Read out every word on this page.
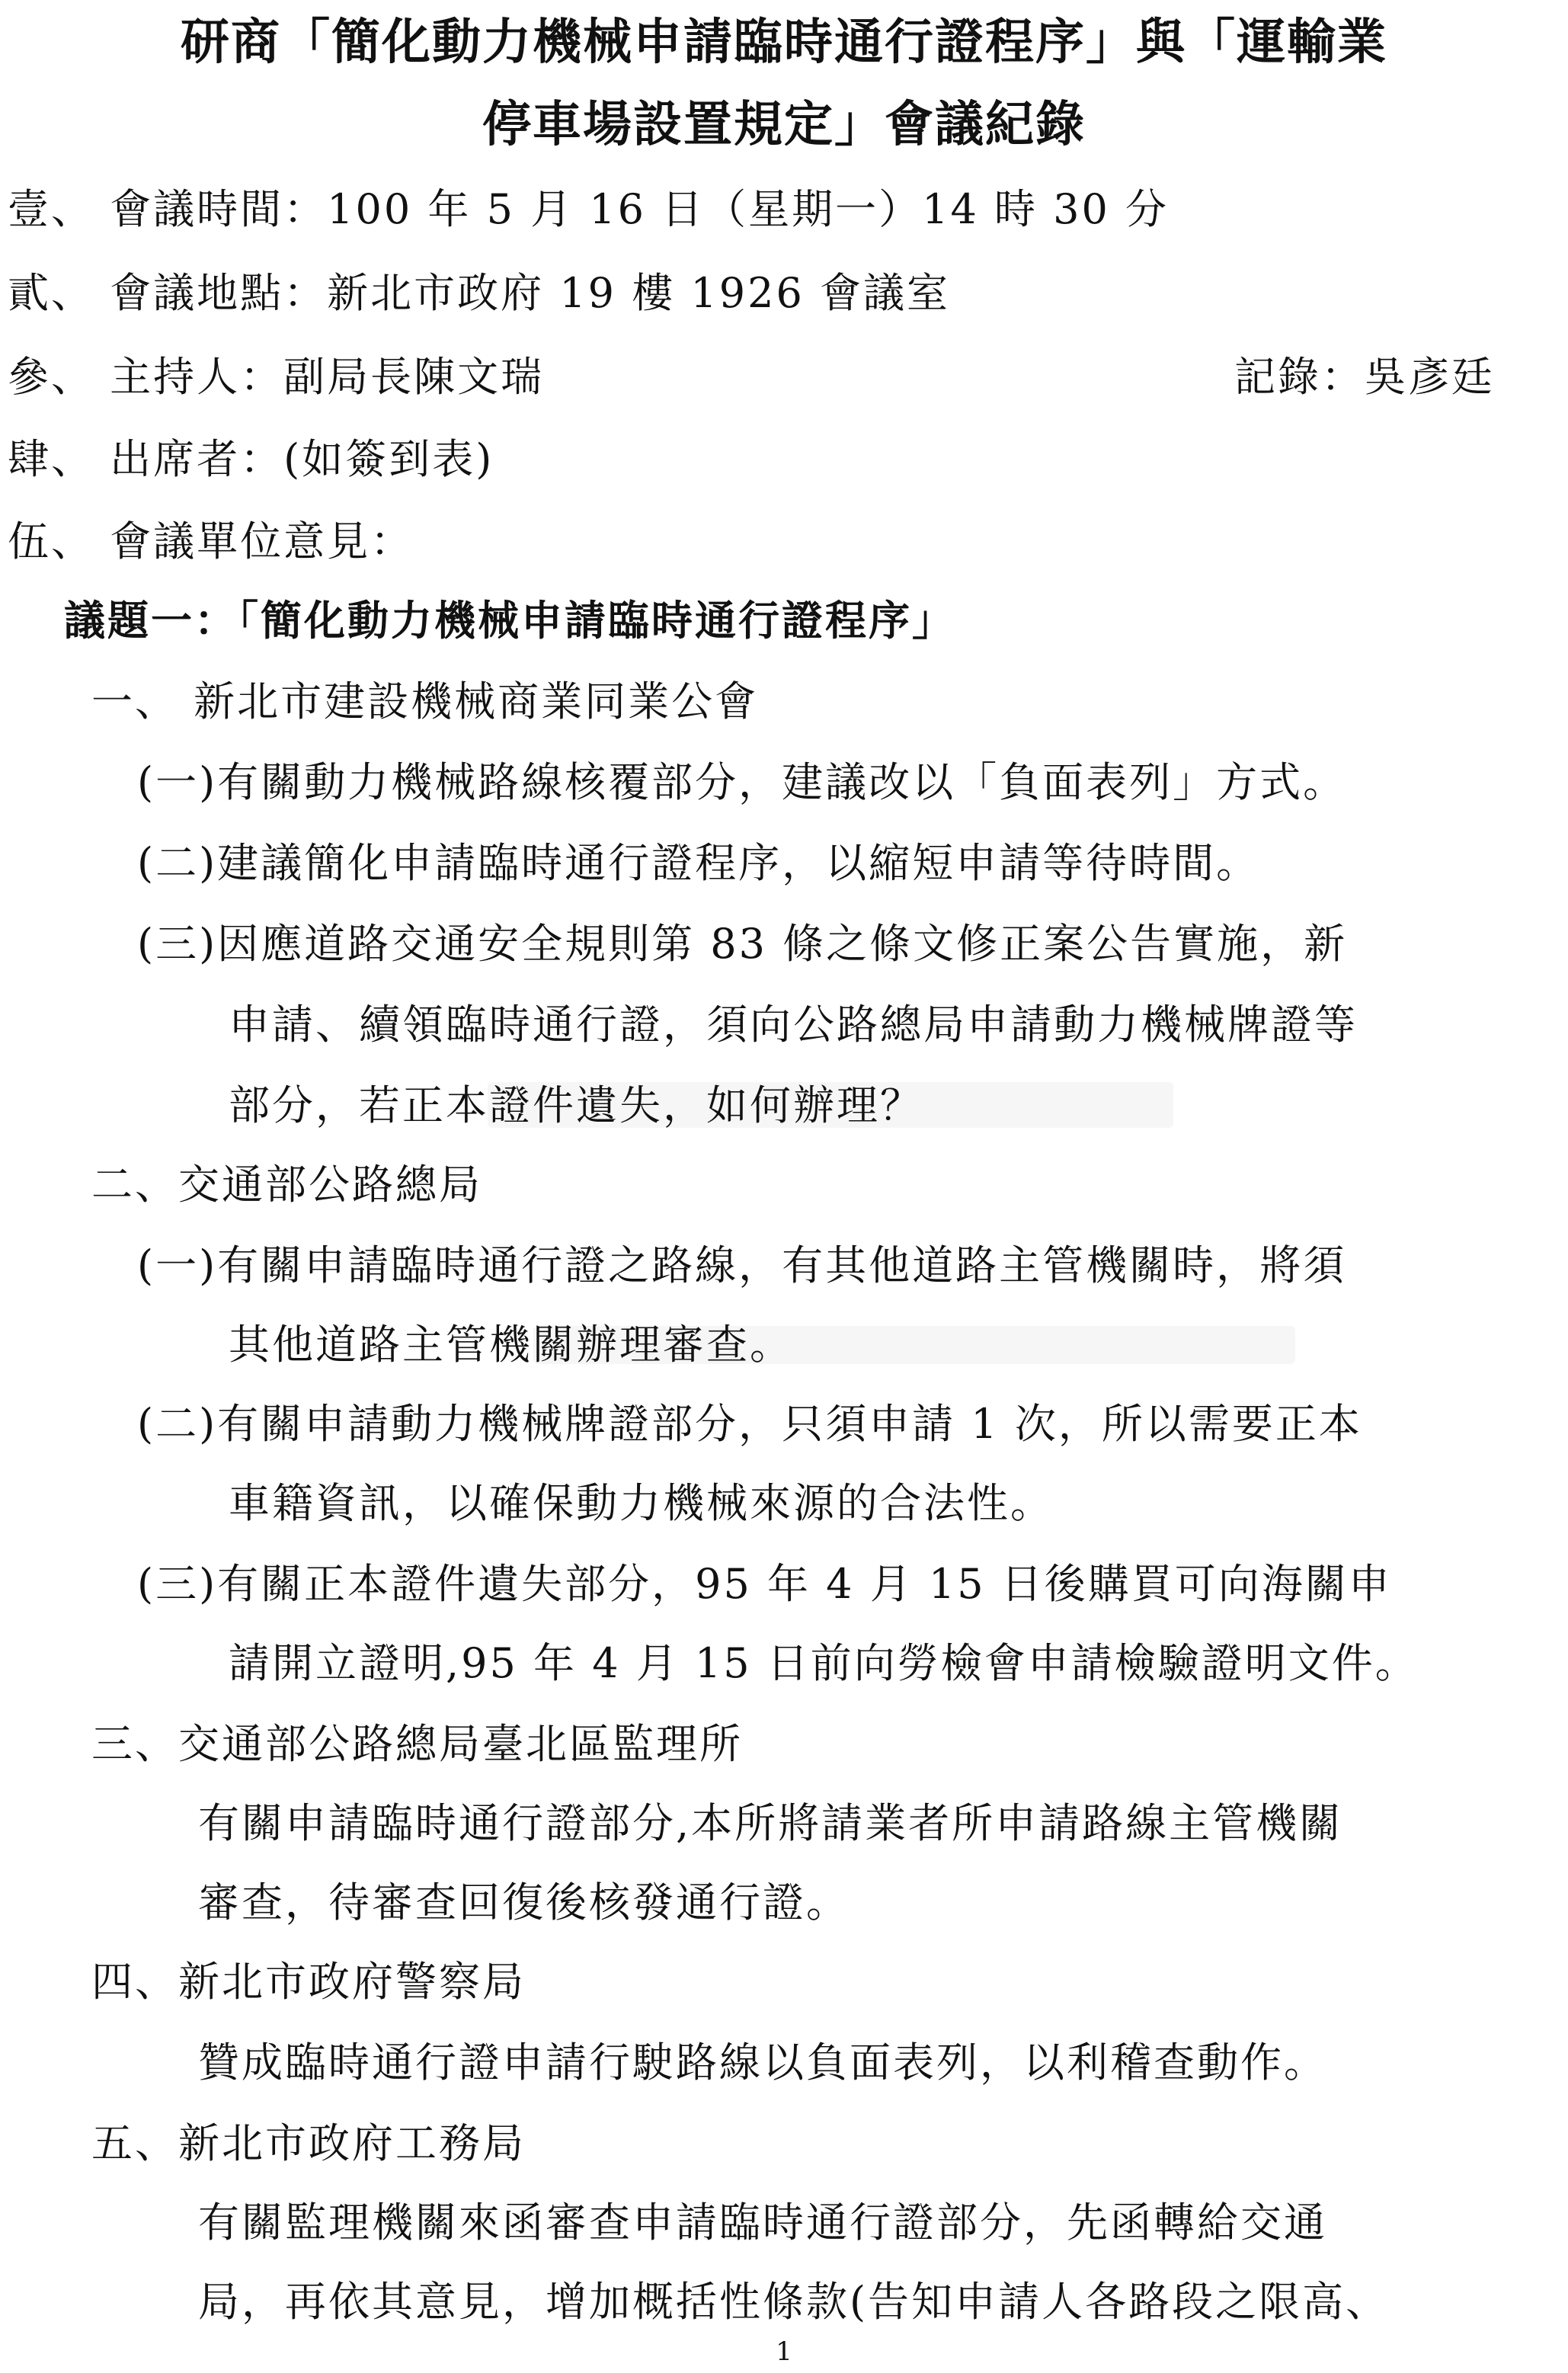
研商「簡化動力機械申請臨時通行證程序」與「運輸業
停車場設置規定」會議紀錄
壹、 會議時間：100 年 5 月 16 日（星期一）14 時 30 分
貳、 會議地點：新北市政府 19 樓 1926 會議室
參、 主持人：副局長陳文瑞	記錄：吳彥廷
肆、 出席者：(如簽到表)
伍、 會議單位意見：
議題一：「簡化動力機械申請臨時通行證程序」
一、 新北市建設機械商業同業公會
(一)有關動力機械路線核覆部分，建議改以「負面表列」方式。
(二)建議簡化申請臨時通行證程序，以縮短申請等待時間。
(三)因應道路交通安全規則第 83 條之條文修正案公告實施，新
申請、續領臨時通行證，須向公路總局申請動力機械牌證等
部分，若正本證件遺失，如何辦理？
二、交通部公路總局
(一)有關申請臨時通行證之路線，有其他道路主管機關時，將須
其他道路主管機關辦理審查。
(二)有關申請動力機械牌證部分，只須申請 1 次，所以需要正本
車籍資訊，以確保動力機械來源的合法性。
(三)有關正本證件遺失部分，95 年 4 月 15 日後購買可向海關申
請開立證明,95 年 4 月 15 日前向勞檢會申請檢驗證明文件。
三、交通部公路總局臺北區監理所
有關申請臨時通行證部分,本所將請業者所申請路線主管機關
審查，待審查回復後核發通行證。
四、新北市政府警察局
贊成臨時通行證申請行駛路線以負面表列，以利稽查動作。
五、新北市政府工務局
有關監理機關來函審查申請臨時通行證部分，先函轉給交通
局，再依其意見，增加概括性條款(告知申請人各路段之限高、
1
